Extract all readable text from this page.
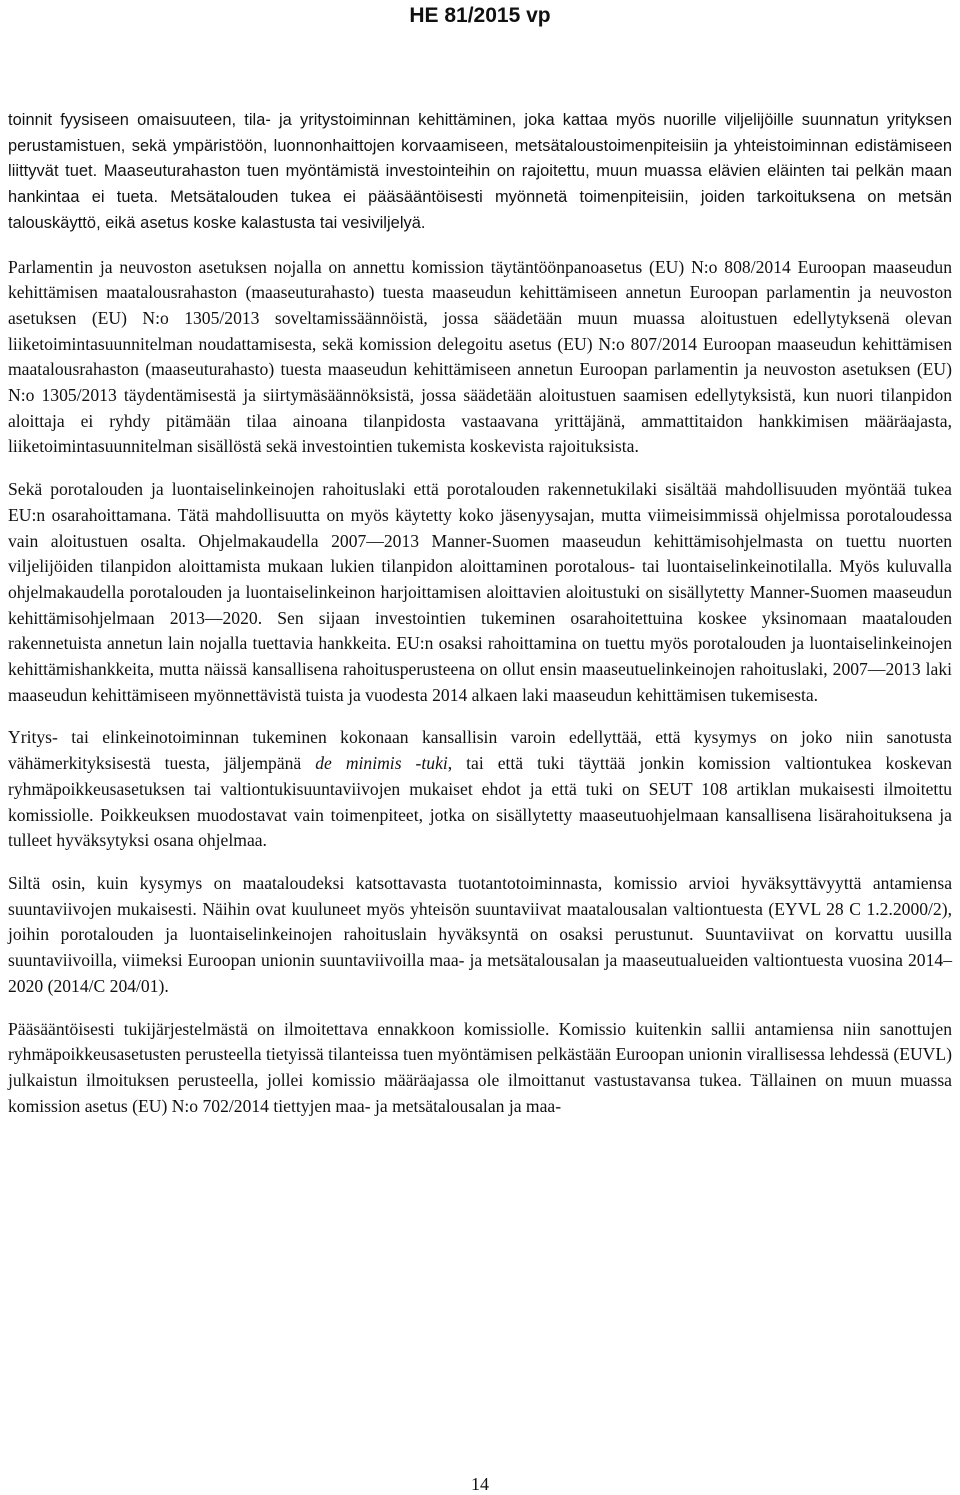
HE 81/2015 vp

toinnit fyysiseen omaisuuteen, tila- ja yritystoiminnan kehittäminen, joka kattaa myös nuorille viljelijöille suunnatun yrityksen perustamistuen, sekä ympäristöön, luonnonhaittojen korvaamiseen, metsätaloustoimenpiteisiin ja yhteistoiminnan edistämiseen liittyvät tuet. Maaseuturahaston tuen myöntämistä investointeihin on rajoitettu, muun muassa elävien eläinten tai pelkän maan hankintaa ei tueta. Metsätalouden tukea ei pääsääntöisesti myönnetä toimenpiteisiin, joiden tarkoituksena on metsän talouskäyttö, eikä asetus koske kalastusta tai vesiviljelyä.

Parlamentin ja neuvoston asetuksen nojalla on annettu komission täytäntöönpanoasetus (EU) N:o 808/2014 Euroopan maaseudun kehittämisen maatalousrahaston (maaseuturahasto) tuesta maaseudun kehittämiseen annetun Euroopan parlamentin ja neuvoston asetuksen (EU) N:o 1305/2013 soveltamissäännöistä, jossa säädetään muun muassa aloitustuen edellytyksenä olevan liiketoimintasuunnitelman noudattamisesta, sekä komission delegoitu asetus (EU) N:o 807/2014 Euroopan maaseudun kehittämisen maatalousrahaston (maaseuturahasto) tuesta maaseudun kehittämiseen annetun Euroopan parlamentin ja neuvoston asetuksen (EU) N:o 1305/2013 täydentämisestä ja siirtymäsäännöksistä, jossa säädetään aloitustuen saamisen edellytyksistä, kun nuori tilanpidon aloittaja ei ryhdy pitämään tilaa ainoana tilanpidosta vastaavana yrittäjänä, ammattitaidon hankkimisen määräajasta, liiketoimintasuunnitelman sisällöstä sekä investointien tukemista koskevista rajoituksista.

Sekä porotalouden ja luontaiselinkeinojen rahoituslaki että porotalouden rakennetukilaki sisältää mahdollisuuden myöntää tukea EU:n osarahoittamana. Tätä mahdollisuutta on myös käytetty koko jäsenyysajan, mutta viimeisimmissä ohjelmissa porotaloudessa vain aloitustuen osalta. Ohjelmakaudella 2007—2013 Manner-Suomen maaseudun kehittämisohjelmasta on tuettu nuorten viljelijöiden tilanpidon aloittamista mukaan lukien tilanpidon aloittaminen porotalous- tai luontaiselinkeinotilalla. Myös kuluvalla ohjelmakaudella porotalouden ja luontaiselinkeinon harjoittamisen aloittavien aloitustuki on sisällytetty Manner-Suomen maaseudun kehittämisohjelmaan 2013—2020. Sen sijaan investointien tukeminen osarahoitettuina koskee yksinomaan maatalouden rakennetuista annetun lain nojalla tuettavia hankkeita. EU:n osaksi rahoittamina on tuettu myös porotalouden ja luontaiselinkeinojen kehittämishankkeita, mutta näissä kansallisena rahoitusperusteena on ollut ensin maaseutuelinkeinojen rahoituslaki, 2007—2013 laki maaseudun kehittämiseen myönnettävistä tuista ja vuodesta 2014 alkaen laki maaseudun kehittämisen tukemisesta.

Yritys- tai elinkeinotoiminnan tukeminen kokonaan kansallisin varoin edellyttää, että kysymys on joko niin sanotusta vähämerkityksisestä tuesta, jäljempänä de minimis -tuki, tai että tuki täyttää jonkin komission valtiontukea koskevan ryhmäpoikkeusasetuksen tai valtiontukisuuntaviivojen mukaiset ehdot ja että tuki on SEUT 108 artiklan mukaisesti ilmoitettu komissiolle. Poikkeuksen muodostavat vain toimenpiteet, jotka on sisällytetty maaseutuohjelmaan kansallisena lisärahoituksena ja tulleet hyväksytyksi osana ohjelmaa.

Siltä osin, kuin kysymys on maataloudeksi katsottavasta tuotantotoiminnasta, komissio arvioi hyväksyttävyyttä antamiensa suuntaviivojen mukaisesti. Näihin ovat kuuluneet myös yhteisön suuntaviivat maatalousalan valtiontuesta (EYVL 28 C 1.2.2000/2), joihin porotalouden ja luontaiselinkeinojen rahoituslain hyväksyntä on osaksi perustunut. Suuntaviivat on korvattu uusilla suuntaviivoilla, viimeksi Euroopan unionin suuntaviivoilla maa- ja metsätalousalan ja maaseutualueiden valtiontuesta vuosina 2014–2020 (2014/C 204/01).

Pääsääntöisesti tukijärjestelmästä on ilmoitettava ennakkoon komissiolle. Komissio kuitenkin sallii antamiensa niin sanottujen ryhmäpoikkeusasetusten perusteella tietyissä tilanteissa tuen myöntämisen pelkästään Euroopan unionin virallisessa lehdessä (EUVL) julkaistun ilmoituksen perusteella, jollei komissio määräajassa ole ilmoittanut vastustavansa tukea. Tällainen on muun muassa komission asetus (EU) N:o 702/2014 tiettyjen maa- ja metsätalousalan ja maa-

14
